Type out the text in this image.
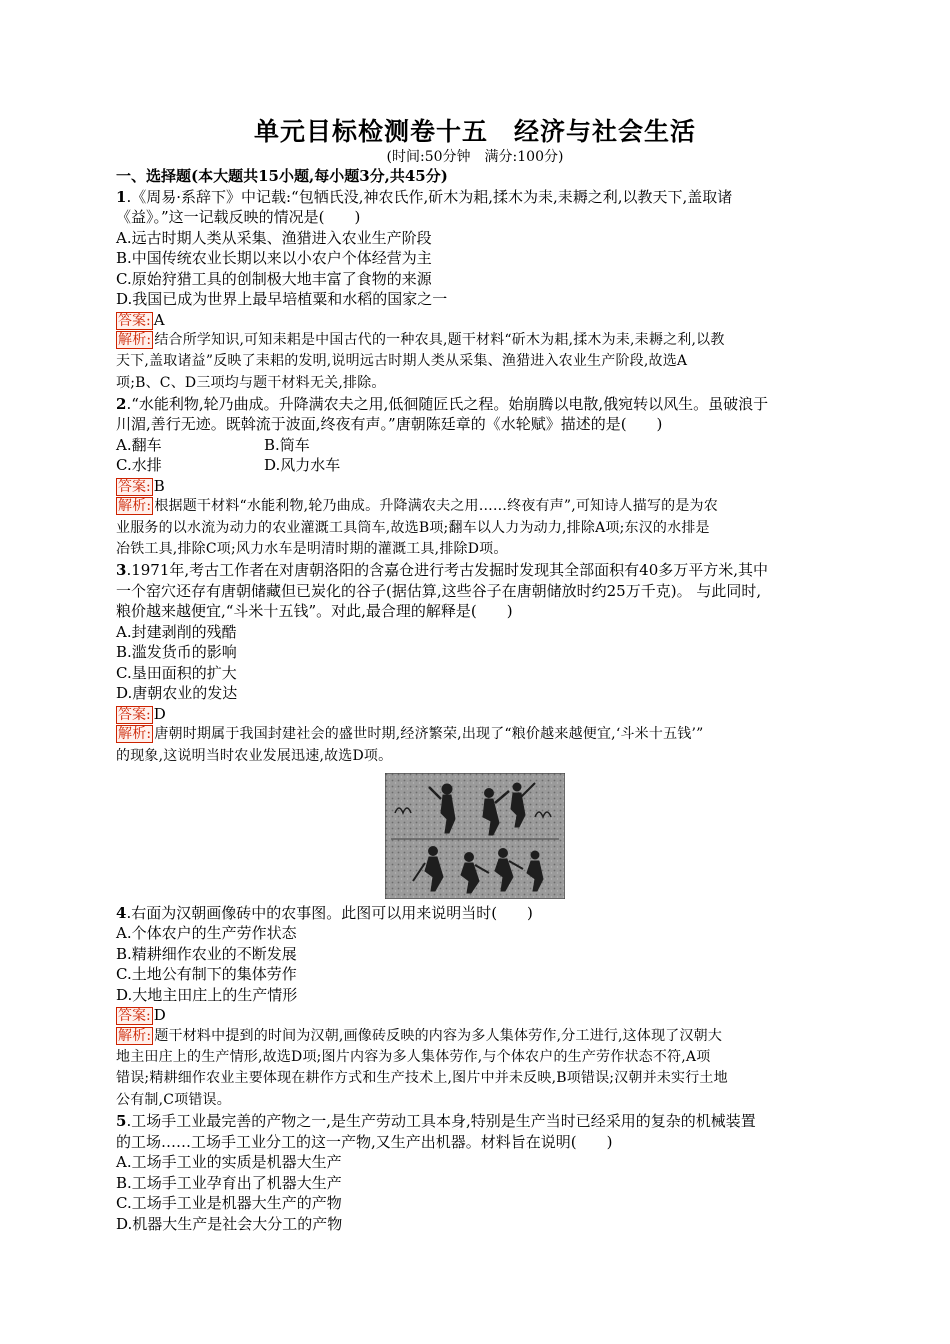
单元目标检测卷十五　经济与社会生活
(时间:50分钟　满分:100分)
一、选择题(本大题共15小题,每小题3分,共45分)
1.《周易·系辞下》中记载:“包牺氏没,神农氏作,斫木为耜,揉木为耒,耒耨之利,以教天下,盖取诸
《益》。”这一记载反映的情况是(　　)
A.远古时期人类从采集、渔猎进入农业生产阶段
B.中国传统农业长期以来以小农户个体经营为主
C.原始狩猎工具的创制极大地丰富了食物的来源
D.我国已成为世界上最早培植粟和水稻的国家之一
答案: A
解析: 结合所学知识,可知耒耜是中国古代的一种农具,题干材料“斫木为耜,揉木为耒,耒耨之利,以教
天下,盖取诸益”反映了耒耜的发明,说明远古时期人类从采集、渔猎进入农业生产阶段,故选A
项;B、C、D三项均与题干材料无关,排除。
2.“水能利物,轮乃曲成。升降满农夫之用,低徊随匠氏之程。始崩腾以电散,俄宛转以风生。虽破浪于
川湄,善行无迹。既斡流于波面,终夜有声。”唐朝陈廷章的《水轮赋》描述的是(　　)
A.翻车	B.筒车
C.水排	D.风力水车
答案: B
解析: 根据题干材料“水能利物,轮乃曲成。升降满农夫之用……终夜有声”,可知诗人描写的是为农
业服务的以水流为动力的农业灌溉工具筒车,故选B项;翻车以人力为动力,排除A项;东汉的水排是
冶铁工具,排除C项;风力水车是明清时期的灌溉工具,排除D项。
3.1971年,考古工作者在对唐朝洛阳的含嘉仓进行考古发掘时发现其全部面积有40多万平方米,其中
一个窑穴还存有唐朝储藏但已炭化的谷子(据估算,这些谷子在唐朝储放时约25万千克)。 与此同时,
粮价越来越便宜,“斗米十五钱”。对此,最合理的解释是(　　)
A.封建剥削的残酷
B.滥发货币的影响
C.垦田面积的扩大
D.唐朝农业的发达
答案: D
解析: 唐朝时期属于我国封建社会的盛世时期,经济繁荣,出现了“粮价越来越便宜,‘斗米十五钱’”
的现象,这说明当时农业发展迅速,故选D项。
4.右面为汉朝画像砖中的农事图。此图可以用来说明当时(　　)
A.个体农户的生产劳作状态
B.精耕细作农业的不断发展
C.土地公有制下的集体劳作
D.大地主田庄上的生产情形
答案: D
解析: 题干材料中提到的时间为汉朝,画像砖反映的内容为多人集体劳作,分工进行,这体现了汉朝大
地主田庄上的生产情形,故选D项;图片内容为多人集体劳作,与个体农户的生产劳作状态不符,A项
错误;精耕细作农业主要体现在耕作方式和生产技术上,图片中并未反映,B项错误;汉朝并未实行土地
公有制,C项错误。
5.工场手工业最完善的产物之一,是生产劳动工具本身,特别是生产当时已经采用的复杂的机械装置
的工场……工场手工业分工的这一产物,又生产出机器。材料旨在说明(　　)
A.工场手工业的实质是机器大生产
B.工场手工业孕育出了机器大生产
C.工场手工业是机器大生产的产物
D.机器大生产是社会大分工的产物
